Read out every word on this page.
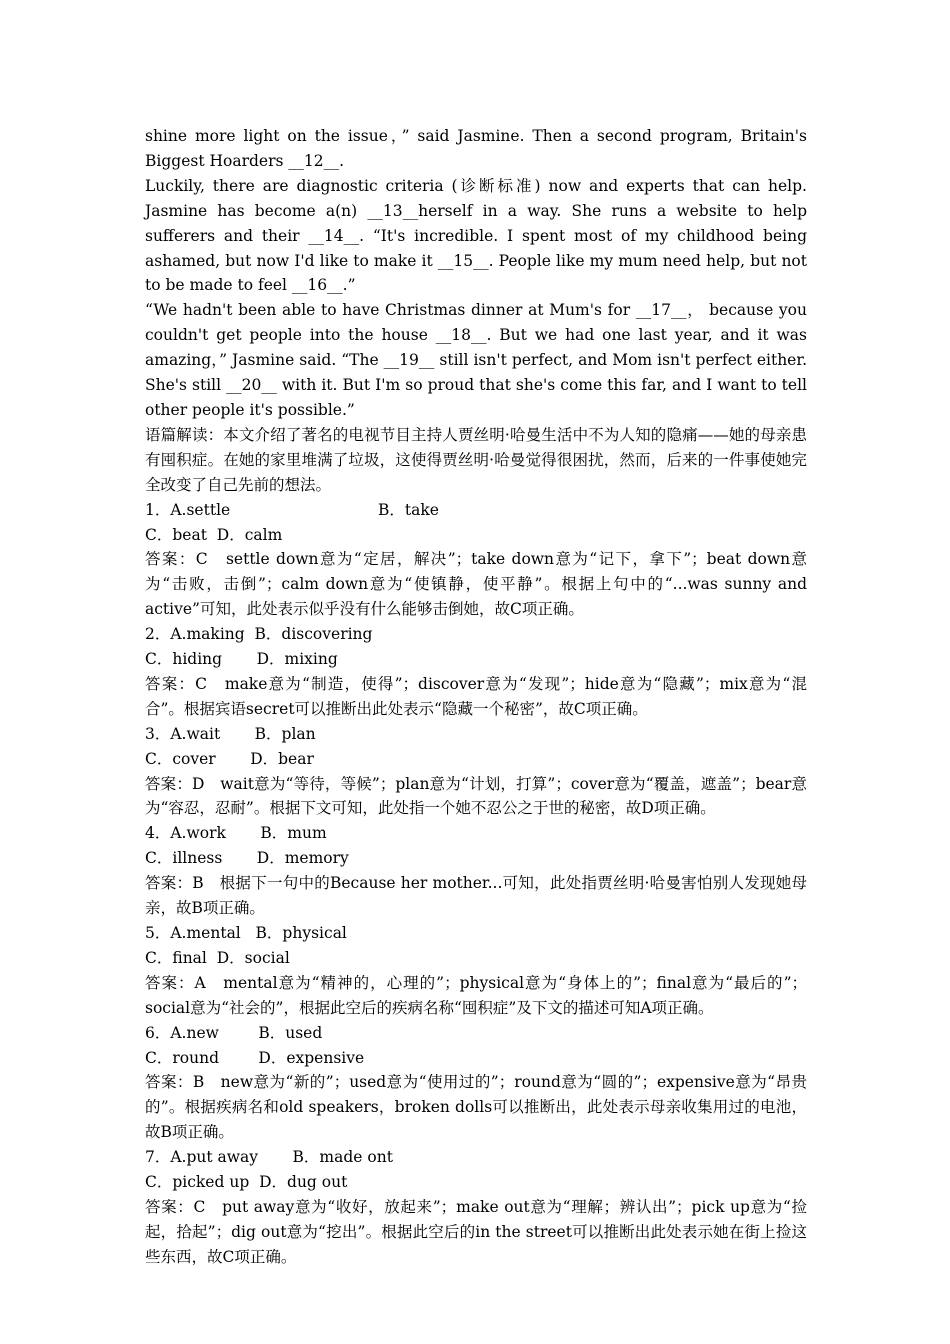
shine more light on the issue，” said Jasmine. Then a second program, Britain's Biggest Hoarders __12__.

Luckily, there are diagnostic criteria (诊断标准) now and experts that can help. Jasmine has become a(n) __13__herself in a way. She runs a website to help sufferers and their __14__. “It's incredible. I spent most of my childhood being ashamed, but now I'd like to make it __15__. People like my mum need help, but not to be made to feel __16__.”

“We hadn't been able to have Christmas dinner at Mum's for __17__， because you couldn't get people into the house __18__. But we had one last year, and it was amazing，” Jasmine said. “The __19__ still isn't perfect, and Mom isn't perfect either. She's still __20__ with it. But I'm so proud that she's come this far, and I want to tell other people it's possible.”

语篇解读：本文介绍了著名的电视节目主持人贾丝明·哈曼生活中不为人知的隐痛——她的母亲患有囤积症。在她的家里堆满了垃圾，这使得贾丝明·哈曼觉得很困扰，然而，后来的一件事使她完全改变了自己先前的想法。

1．A.settle	B．take

C．beat  D．calm

答案：C　settle down意为“定居，解决”；take down意为“记下，拿下”；beat down意为“击败，击倒”；calm down意为“使镇静，使平静”。根据上句中的“...was sunny and active”可知，此处表示似乎没有什么能够击倒她，故C项正确。

2．A.making  B．discovering

C．hiding       D．mixing

答案：C　make意为“制造，使得”；discover意为“发现”；hide意为“隐藏”；mix意为“混合”。根据宾语secret可以推断出此处表示“隐藏一个秘密”，故C项正确。

3．A.wait       B．plan

C．cover       D．bear

答案：D　wait意为“等待，等候”；plan意为“计划，打算”；cover意为“覆盖，遮盖”；bear意为“容忍，忍耐”。根据下文可知，此处指一个她不忍公之于世的秘密，故D项正确。

4．A.work       B．mum

C．illness       D．memory

答案：B　根据下一句中的Because her mother...可知，此处指贾丝明·哈曼害怕别人发现她母亲，故B项正确。

5．A.mental   B．physical

C．final  D．social

答案：A　mental意为“精神的，心理的”；physical意为“身体上的”；final意为“最后的”；social意为“社会的”，根据此空后的疾病名称“囤积症”及下文的描述可知A项正确。

6．A.new        B．used

C．round        D．expensive

答案：B　new意为“新的”；used意为“使用过的”；round意为“圆的”；expensive意为“昂贵的”。根据疾病名和old speakers，broken dolls可以推断出，此处表示母亲收集用过的电池，故B项正确。

7．A.put away       B．made ont

C．picked up  D．dug out

答案：C　put away意为“收好，放起来”；make out意为“理解；辨认出”；pick up意为“捡起，拾起”；dig out意为“挖出”。根据此空后的in the street可以推断出此处表示她在街上捡这些东西，故C项正确。
